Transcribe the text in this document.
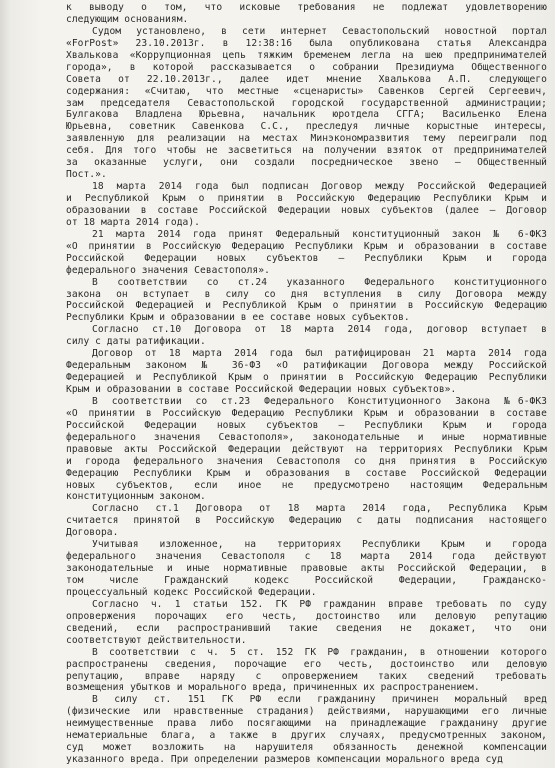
к выводу о том, что исковые требования не подлежат удовлетворению
следующим основаниям.
Судом установлено, в сети интернет Севастопольский новостной портал
«ForPost» 23.10.2013г. в 12:38:16 была опубликована статья Александра
Хвалькова «Коррупционная цепь тяжким бременем легла на шею предпринимателей
города», в которой рассказывается о собрании Президиума Общественного
Совета от 22.10.2013г., далее идет мнение Хвалькова А.П. следующего
содержания: «Считаю, что местные «сценаристы» Савенков Сергей Сергеевич,
зам председателя Севастопольской городской государственной администрации;
Булгакова Владлена Юрьевна, начальник юротдела СГГА; Васильенко Елена
Юрьевна, советник Савенкова С.С., преследуя личные корыстные интересы,
заявленную для реализации на местах Минэкономразвития тему переиграли под
себя. Для того чтобы не засветиться на получении взяток от предпринимателей
за оказанные услуги, они создали посредническое звено – Общественный
Пост.».
18 марта 2014 года был подписан Договор между Российской Федерацией
и Республикой Крым о принятии в Российскую Федерацию Республики Крым и
образовании в составе Российской Федерации новых субъектов (далее – Договор
от 18 марта 2014 года).
21 марта 2014 года принят Федеральный конституционный закон № 6-ФКЗ
«О принятии в Российскую Федерацию Республики Крым и образовании в составе
Российской Федерации новых субъектов – Республики Крым и города
федерального значения Севастополя».
В соответствии со ст.24 указанного Федерального конституционного
закона он вступает в силу со дня вступления в силу Договора между
Российской Федерацией и Республикой Крым о принятии в Российскую Федерацию
Республики Крым и образовании в ее составе новых субъектов.
Согласно ст.10 Договора от 18 марта 2014 года, договор вступает в
силу с даты ратификации.
Договор от 18 марта 2014 года был ратифицирован 21 марта 2014 года
Федеральным законом № 36-ФЗ «О ратификации Договора между Российской
Федерацией и Республикой Крым о принятии в Российскую Федерацию Республики
Крым и образовании в составе Российской Федерации новых субъектов».
В соответствии со ст.23 Федерального Конституционного Закона №6-ФКЗ
«О принятии в Российскую Федерацию Республики Крым и образовании в составе
Российской Федерации новых субъектов – Республики Крым и города
федерального значения Севастополя», законодательные и иные нормативные
правовые акты Российской Федерации действуют на территориях Республики Крым
и города федерального значения Севастополя со дня принятия в Российскую
Федерацию Республики Крым и образования в составе Российской Федерации
новых субъектов, если иное не предусмотрено настоящим Федеральным
конституционным законом.
Согласно ст.1 Договора от 18 марта 2014 года, Республика Крым
считается принятой в Российскую Федерацию с даты подписания настоящего
Договора.
Учитывая изложенное, на территориях Республики Крым и города
федерального значения Севастополя с 18 марта 2014 года действуют
законодательные и иные нормативные правовые акты Российской Федерации, в
том числе Гражданский кодекс Российской Федерации, Гражданско-
процессуальный кодекс Российской Федерации.
Согласно ч. 1 статьи 152. ГК РФ гражданин вправе требовать по суду
опровержения порочащих его честь, достоинство или деловую репутацию
сведений, если распространивший такие сведения не докажет, что они
соответствуют действительности.
В соответствии с ч. 5 ст. 152 ГК РФ гражданин, в отношении которого
распространены сведения, порочащие его честь, достоинство или деловую
репутацию, вправе наряду с опровержением таких сведений требовать
возмещения убытков и морального вреда, причиненных их распространением.
В силу ст. 151 ГК РФ если гражданину причинен моральный вред
(физические или нравственные страдания) действиями, нарушающими его личные
неимущественные права либо посягающими на принадлежащие гражданину другие
нематериальные блага, а также в других случаях, предусмотренных законом,
суд может возложить на нарушителя обязанность денежной компенсации
указанного вреда. При определении размеров компенсации морального вреда суд
